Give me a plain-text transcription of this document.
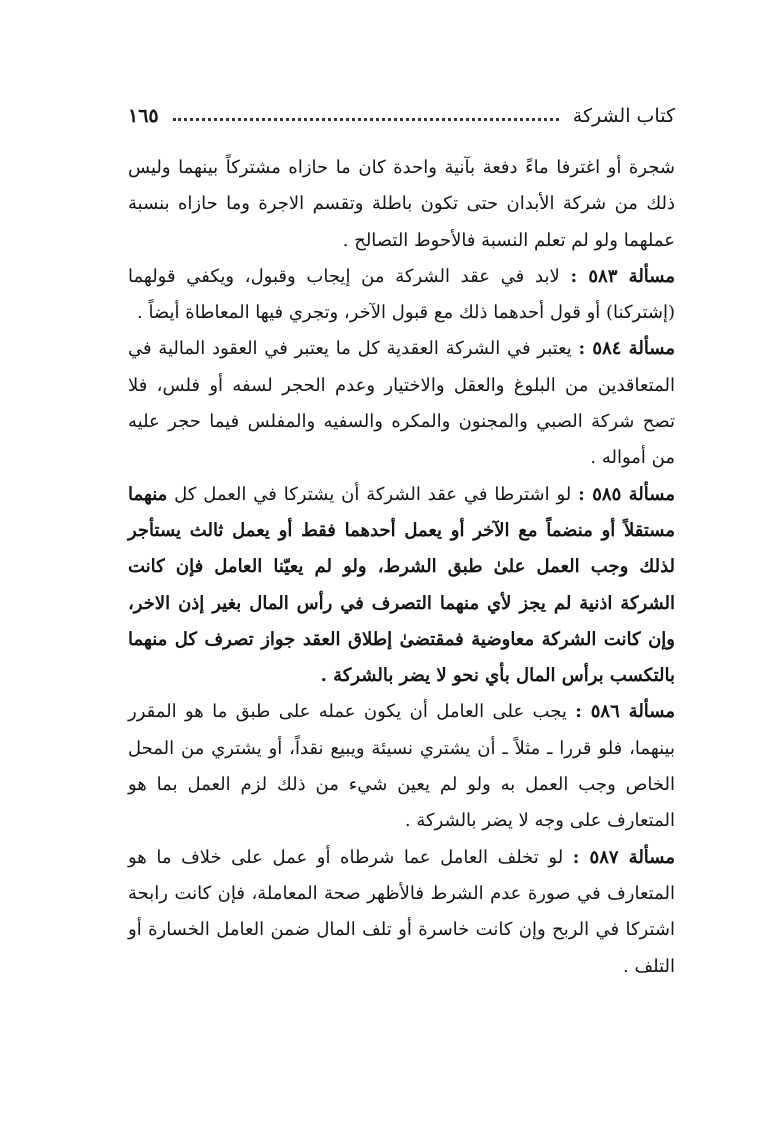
كتاب الشركة
١٦٥

شجرة أو اغترفا ماءً دفعة بآنية واحدة كان ما حازاه مشتركاً بينهما وليس ذلك من شركة الأبدان حتى تكون باطلة وتقسم الاجرة وما حازاه بنسبة عملهما ولو لم تعلم النسبة فالأحوط التصالح .

مسألة ٥٨٣ : لابد في عقد الشركة من إيجاب وقبول، ويكفي قولهما (إشتركنا) أو قول أحدهما ذلك مع قبول الآخر، وتجري فيها المعاطاة أيضاً .

مسألة ٥٨٤ : يعتبر في الشركة العقدية كل ما يعتبر في العقود المالية في المتعاقدين من البلوغ والعقل والاختيار وعدم الحجر لسفه أو فلس، فلا تصح شركة الصبي والمجنون والمكره والسفيه والمفلس فيما حجر عليه من أمواله .

مسألة ٥٨٥ : لو اشترطا في عقد الشركة أن يشتركا في العمل كل منهما مستقلاً أو منضماً مع الآخر أو يعمل أحدهما فقط أو يعمل ثالث يستأجر لذلك وجب العمل علىٰ طبق الشرط، ولو لم يعيّنا العامل فإن كانت الشركة اذنية لم يجز لأي منهما التصرف في رأس المال بغير إذن الاخر، وإن كانت الشركة معاوضية فمقتضىٰ إطلاق العقد جواز تصرف كل منهما بالتكسب برأس المال بأي نحو لا يضر بالشركة .

مسألة ٥٨٦ : يجب على العامل أن يكون عمله على طبق ما هو المقرر بينهما، فلو قررا ـ مثلاً ـ أن يشتري نسيئة ويبيع نقداً، أو يشتري من المحل الخاص وجب العمل به ولو لم يعين شيء من ذلك لزم العمل بما هو المتعارف على وجه لا يضر بالشركة .

مسألة ٥٨٧ : لو تخلف العامل عما شرطاه أو عمل على خلاف ما هو المتعارف في صورة عدم الشرط فالأظهر صحة المعاملة، فإن كانت رابحة اشتركا في الربح وإن كانت خاسرة أو تلف المال ضمن العامل الخسارة أو التلف .
